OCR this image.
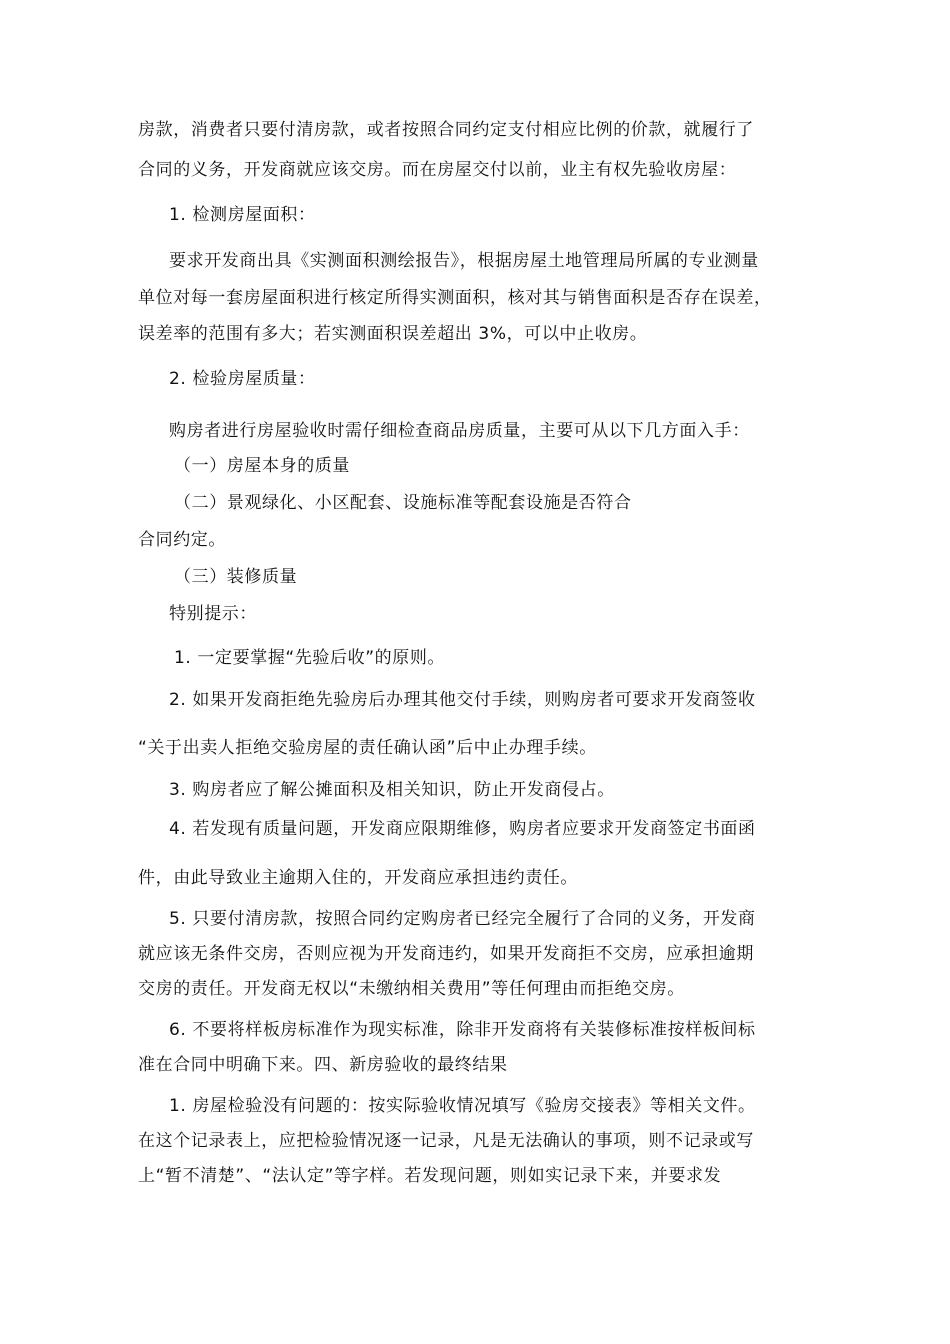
房款，消费者只要付清房款，或者按照合同约定支付相应比例的价款，就履行了
合同的义务，开发商就应该交房。而在房屋交付以前，业主有权先验收房屋：
1. 检测房屋面积：
要求开发商出具《实测面积测绘报告》，根据房屋土地管理局所属的专业测量
单位对每一套房屋面积进行核定所得实测面积，核对其与销售面积是否存在误差，
误差率的范围有多大；若实测面积误差超出 3%，可以中止收房。
2. 检验房屋质量：
购房者进行房屋验收时需仔细检查商品房质量，主要可从以下几方面入手：
（一）房屋本身的质量
（二）景观绿化、小区配套、设施标准等配套设施是否符合
合同约定。
（三）装修质量
特别提示：
1. 一定要掌握“先验后收”的原则。
2. 如果开发商拒绝先验房后办理其他交付手续，则购房者可要求开发商签收
“关于出卖人拒绝交验房屋的责任确认函”后中止办理手续。
3. 购房者应了解公摊面积及相关知识，防止开发商侵占。
4. 若发现有质量问题，开发商应限期维修，购房者应要求开发商签定书面函
件，由此导致业主逾期入住的，开发商应承担违约责任。
5. 只要付清房款，按照合同约定购房者已经完全履行了合同的义务，开发商
就应该无条件交房，否则应视为开发商违约，如果开发商拒不交房，应承担逾期
交房的责任。开发商无权以“未缴纳相关费用”等任何理由而拒绝交房。
6. 不要将样板房标准作为现实标准，除非开发商将有关装修标准按样板间标
准在合同中明确下来。四、新房验收的最终结果
1. 房屋检验没有问题的：按实际验收情况填写《验房交接表》等相关文件。
在这个记录表上，应把检验情况逐一记录，凡是无法确认的事项，则不记录或写
上“暂不清楚”、“法认定”等字样。若发现问题，则如实记录下来，并要求发
